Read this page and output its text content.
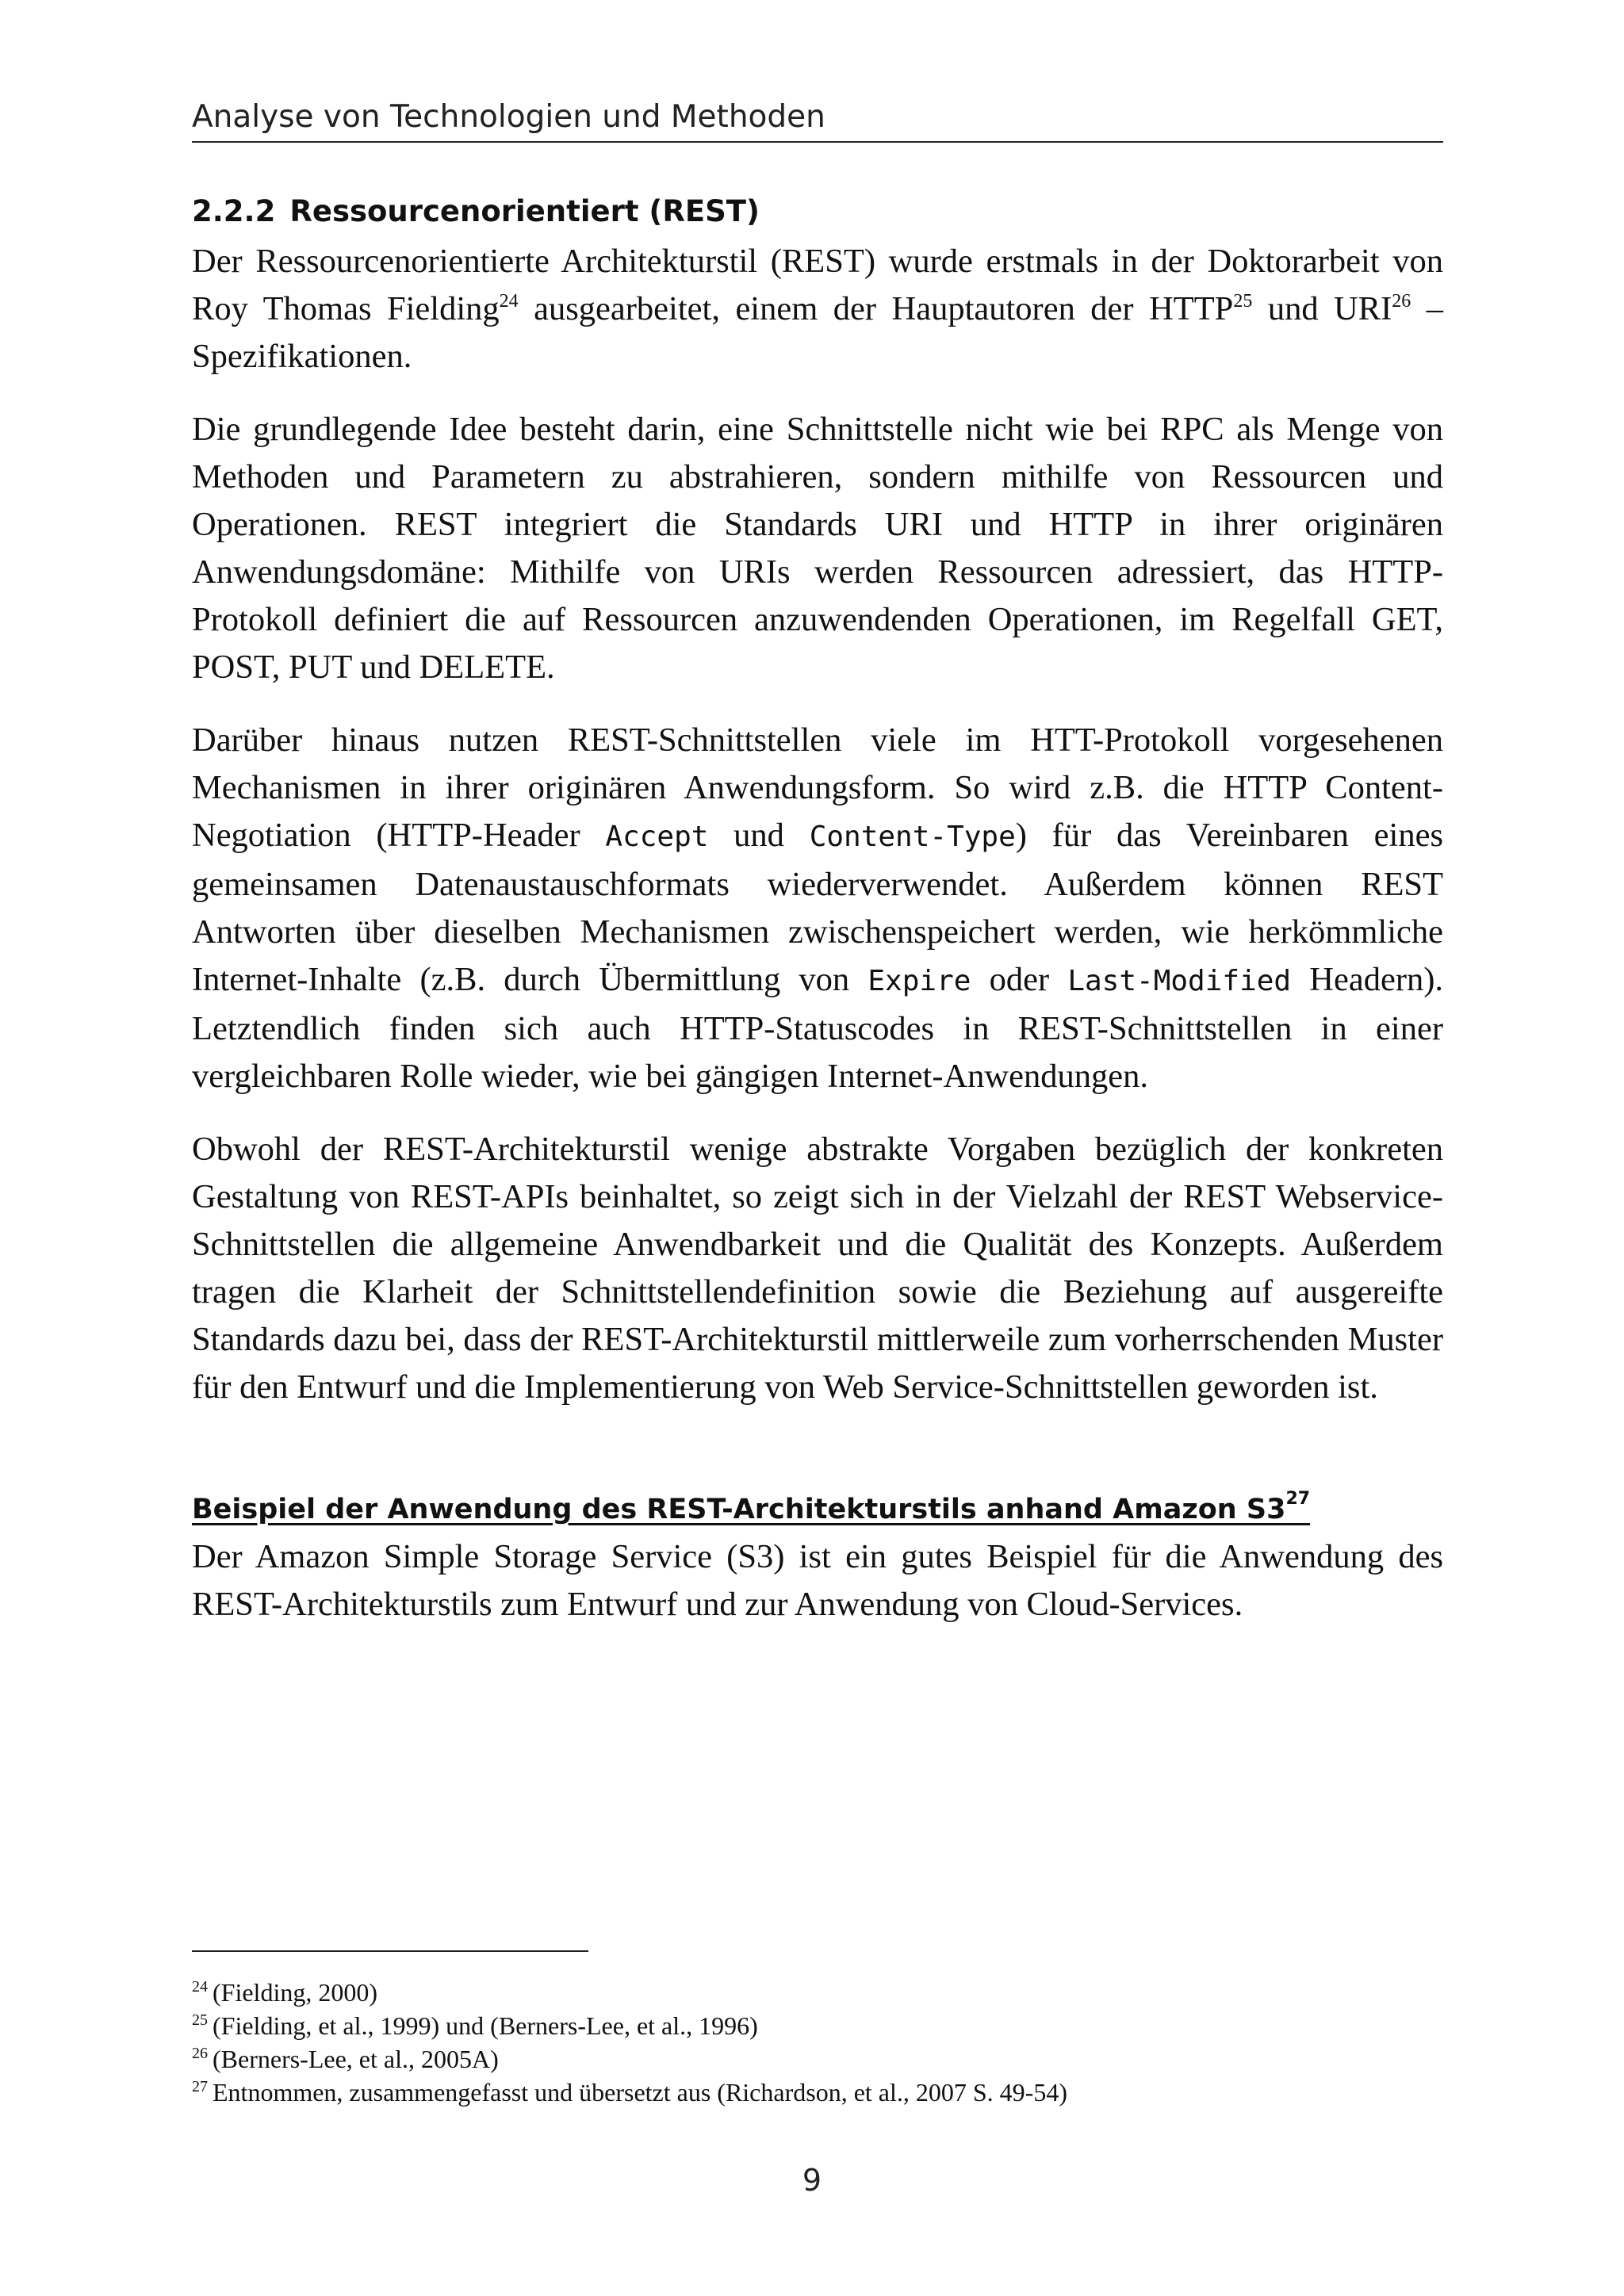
Analyse von Technologien und Methoden
2.2.2 Ressourcenorientiert (REST)

Der Ressourcenorientierte Architekturstil (REST) wurde erstmals in der Doktorarbeit von Roy Thomas Fielding$^{24}$ ausgearbeitet, einem der Hauptautoren der HTTP$^{25}$ und URI$^{26}$ – Spezifikationen.

Die grundlegende Idee besteht darin, eine Schnittstelle nicht wie bei RPC als Menge von Methoden und Parametern zu abstrahieren, sondern mithilfe von Ressourcen und Operationen. REST integriert die Standards URI und HTTP in ihrer originären Anwendungsdomäne: Mithilfe von URIs werden Ressourcen adressiert, das HTTP-Protokoll definiert die auf Ressourcen anzuwendenden Operationen, im Regelfall GET, POST, PUT und DELETE.

Darüber hinaus nutzen REST-Schnittstellen viele im HTT-Protokoll vorgesehenen Mechanismen in ihrer originären Anwendungsform. So wird z.B. die HTTP Content-Negotiation (HTTP-Header Accept und Content-Type) für das Vereinbaren eines gemeinsamen Datenaustauschformats wiederverwendet. Außerdem können REST Antworten über dieselben Mechanismen zwischenspeichert werden, wie herkömmliche Internet-Inhalte (z.B. durch Übermittlung von Expire oder Last-Modified Headern). Letztendlich finden sich auch HTTP-Statuscodes in REST-Schnittstellen in einer vergleichbaren Rolle wieder, wie bei gängigen Internet-Anwendungen.

Obwohl der REST-Architekturstil wenige abstrakte Vorgaben bezüglich der konkreten Gestaltung von REST-APIs beinhaltet, so zeigt sich in der Vielzahl der REST Webservice-Schnittstellen die allgemeine Anwendbarkeit und die Qualität des Konzepts. Außerdem tragen die Klarheit der Schnittstellendefinition sowie die Beziehung auf ausgereifte Standards dazu bei, dass der REST-Architekturstil mittlerweile zum vorherrschenden Muster für den Entwurf und die Implementierung von Web Service-Schnittstellen geworden ist.

Beispiel der Anwendung des REST-Architekturstils anhand Amazon $S3^{27}$

Der Amazon Simple Storage Service (S3) ist ein gutes Beispiel für die Anwendung des REST-Architekturstils zum Entwurf und zur Anwendung von Cloud-Services.

$^{24}$ (Fielding, 2000)
$^{25}$ (Fielding, et al., 1999) und (Berners-Lee, et al., 1996)
$^{26}$ (Berners-Lee, et al., 2005A)
$^{27}$ Entnommen, zusammengefasst und übersetzt aus (Richardson, et al., 2007 S. 49-54)
9
